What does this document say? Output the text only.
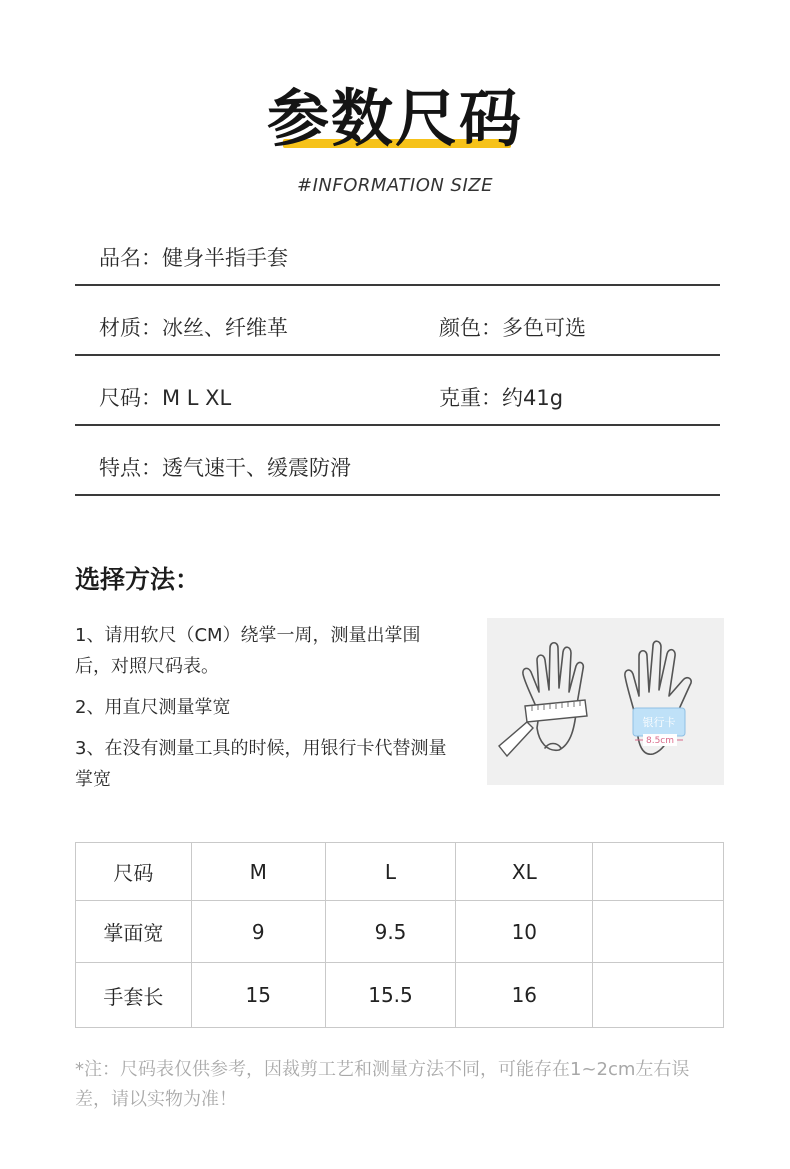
参数尺码
#INFORMATION SIZE
品名：健身半指手套
材质：冰丝、纤维革	颜色：多色可选
尺码：M L XL	克重：约41g
特点：透气速干、缓震防滑
选择方法：
1、请用软尺（CM）绕掌一周，测量出掌围后，对照尺码表。
2、用直尺测量掌宽
3、在没有测量工具的时候，用银行卡代替测量掌宽
银行卡
8.5cm
尺码	M	L	XL	
掌面宽	9	9.5	10	
手套长	15	15.5	16	
*注：尺码表仅供参考，因裁剪工艺和测量方法不同，可能存在1~2cm左右误差，请以实物为准！
